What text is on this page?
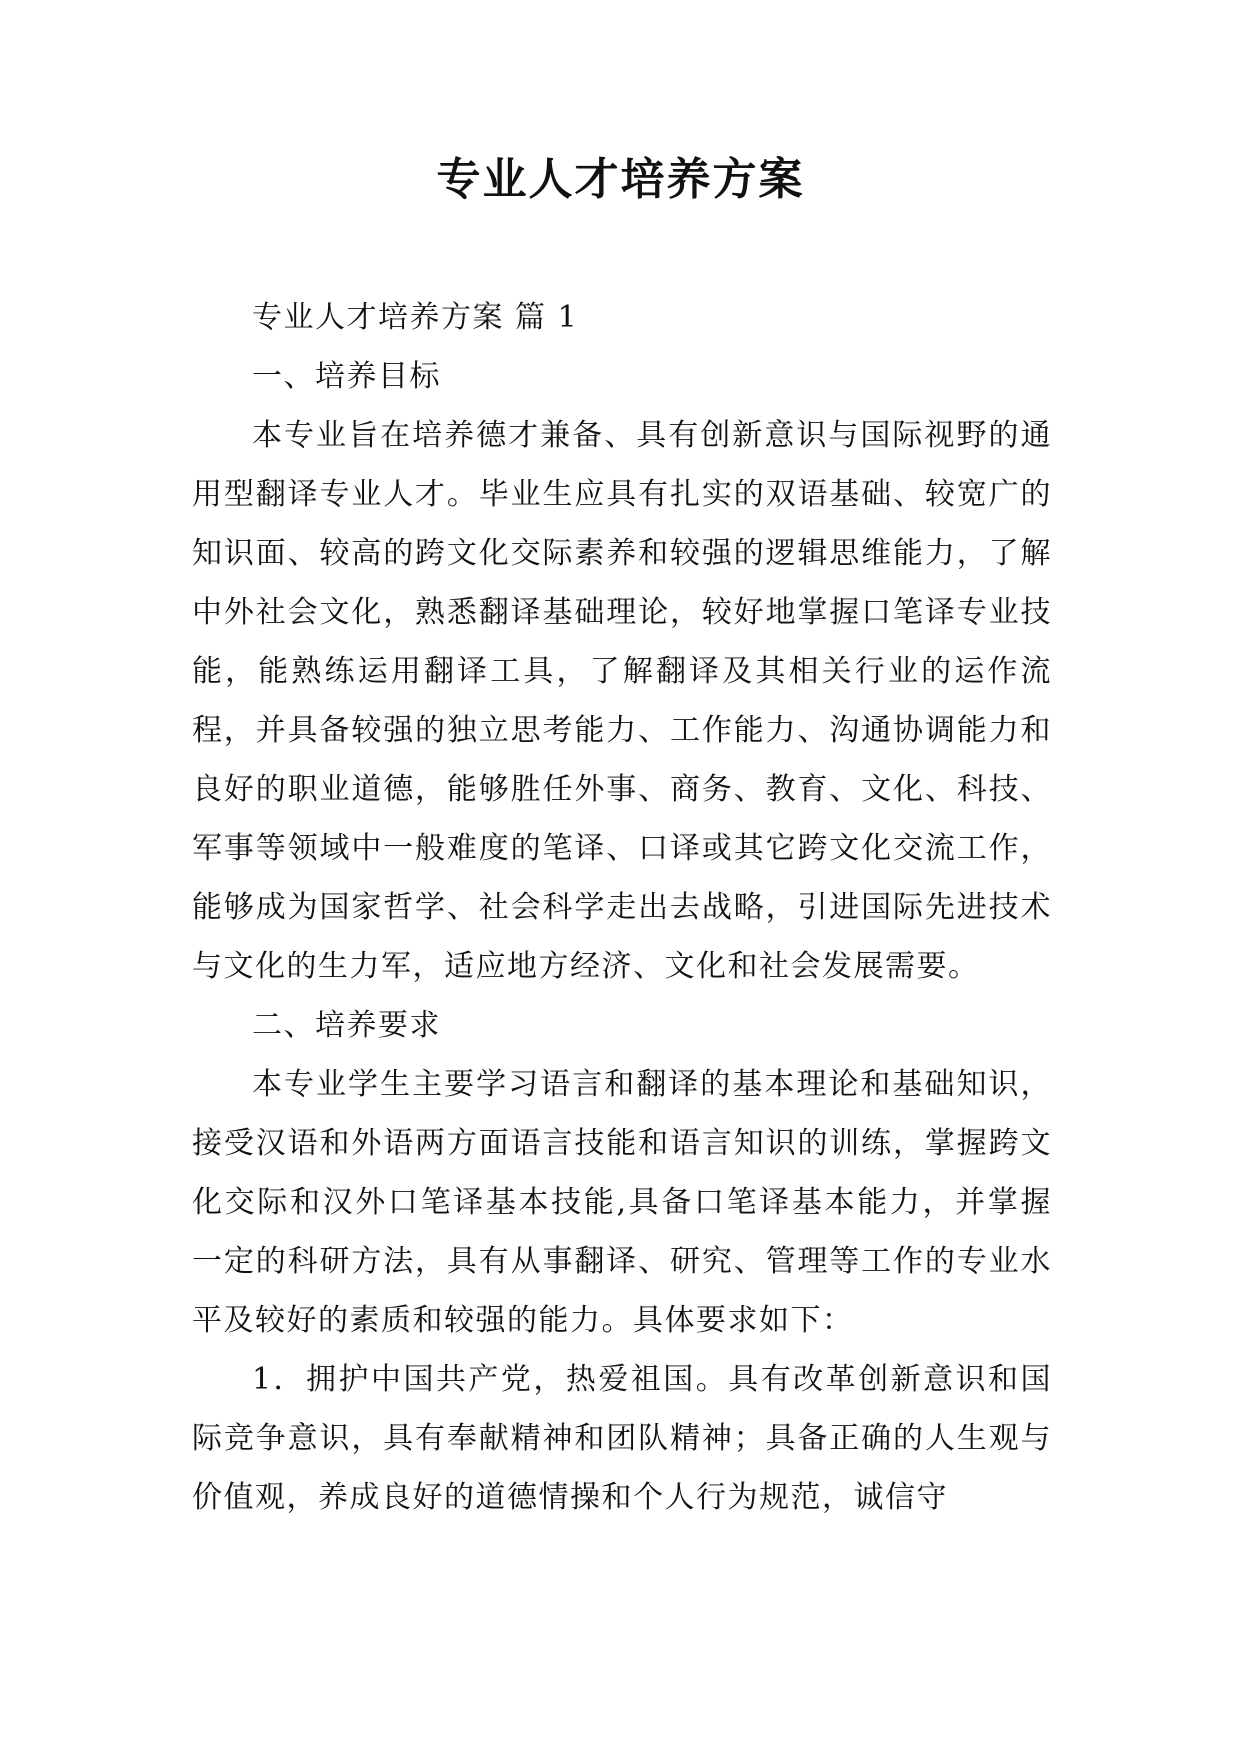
专业人才培养方案

专业人才培养方案 篇 1

一、培养目标

本专业旨在培养德才兼备、具有创新意识与国际视野的通用型翻译专业人才。毕业生应具有扎实的双语基础、较宽广的知识面、较高的跨文化交际素养和较强的逻辑思维能力，了解中外社会文化，熟悉翻译基础理论，较好地掌握口笔译专业技能，能熟练运用翻译工具，了解翻译及其相关行业的运作流程，并具备较强的独立思考能力、工作能力、沟通协调能力和良好的职业道德，能够胜任外事、商务、教育、文化、科技、军事等领域中一般难度的笔译、口译或其它跨文化交流工作，能够成为国家哲学、社会科学走出去战略，引进国际先进技术与文化的生力军，适应地方经济、文化和社会发展需要。

二、培养要求

本专业学生主要学习语言和翻译的基本理论和基础知识，接受汉语和外语两方面语言技能和语言知识的训练，掌握跨文化交际和汉外口笔译基本技能,具备口笔译基本能力，并掌握一定的科研方法，具有从事翻译、研究、管理等工作的专业水平及较好的素质和较强的能力。具体要求如下：

1．拥护中国共产党，热爱祖国。具有改革创新意识和国际竞争意识，具有奉献精神和团队精神；具备正确的人生观与价值观，养成良好的道德情操和个人行为规范，诚信守
